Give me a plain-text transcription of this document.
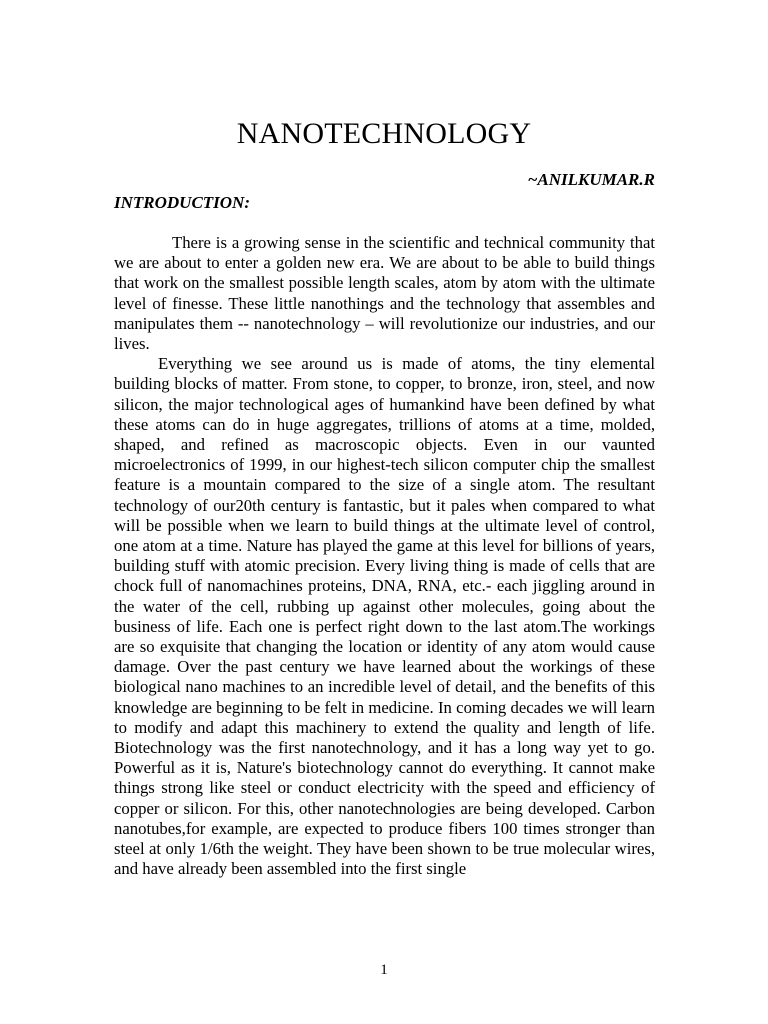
NANOTECHNOLOGY
~ANILKUMAR.R
INTRODUCTION:

There is a growing sense in the scientific and technical community that we are about to enter a golden new era. We are about to be able to build things that work on the smallest possible length scales, atom by atom with the ultimate level of finesse. These little nanothings and the technology that assembles and manipulates them -- nanotechnology – will revolutionize our industries, and our lives.

Everything we see around us is made of atoms, the tiny elemental building blocks of matter. From stone, to copper, to bronze, iron, steel, and now silicon, the major technological ages of humankind have been defined by what these atoms can do in huge aggregates, trillions of atoms at a time, molded, shaped, and refined as macroscopic objects. Even in our vaunted microelectronics of 1999, in our highest-tech silicon computer chip the smallest feature is a mountain compared to the size of a single atom. The resultant technology of our20th century is fantastic, but it pales when compared to what will be possible when we learn to build things at the ultimate level of control, one atom at a time. Nature has played the game at this level for billions of years, building stuff with atomic precision. Every living thing is made of cells that are chock full of nanomachines proteins, DNA, RNA, etc.- each jiggling around in the water of the cell, rubbing up against other molecules, going about the business of life. Each one is perfect right down to the last atom.The workings are so exquisite that changing the location or identity of any atom would cause damage. Over the past century we have learned about the workings of these biological nano machines to an incredible level of detail, and the benefits of this knowledge are beginning to be felt in medicine. In coming decades we will learn to modify and adapt this machinery to extend the quality and length of life. Biotechnology was the first nanotechnology, and it has a long way yet to go. Powerful as it is, Nature's biotechnology cannot do everything. It cannot make things strong like steel or conduct electricity with the speed and efficiency of copper or silicon. For this, other nanotechnologies are being developed. Carbon nanotubes,for example, are expected to produce fibers 100 times stronger than steel at only 1/6th the weight. They have been shown to be true molecular wires, and have already been assembled into the first single

1
